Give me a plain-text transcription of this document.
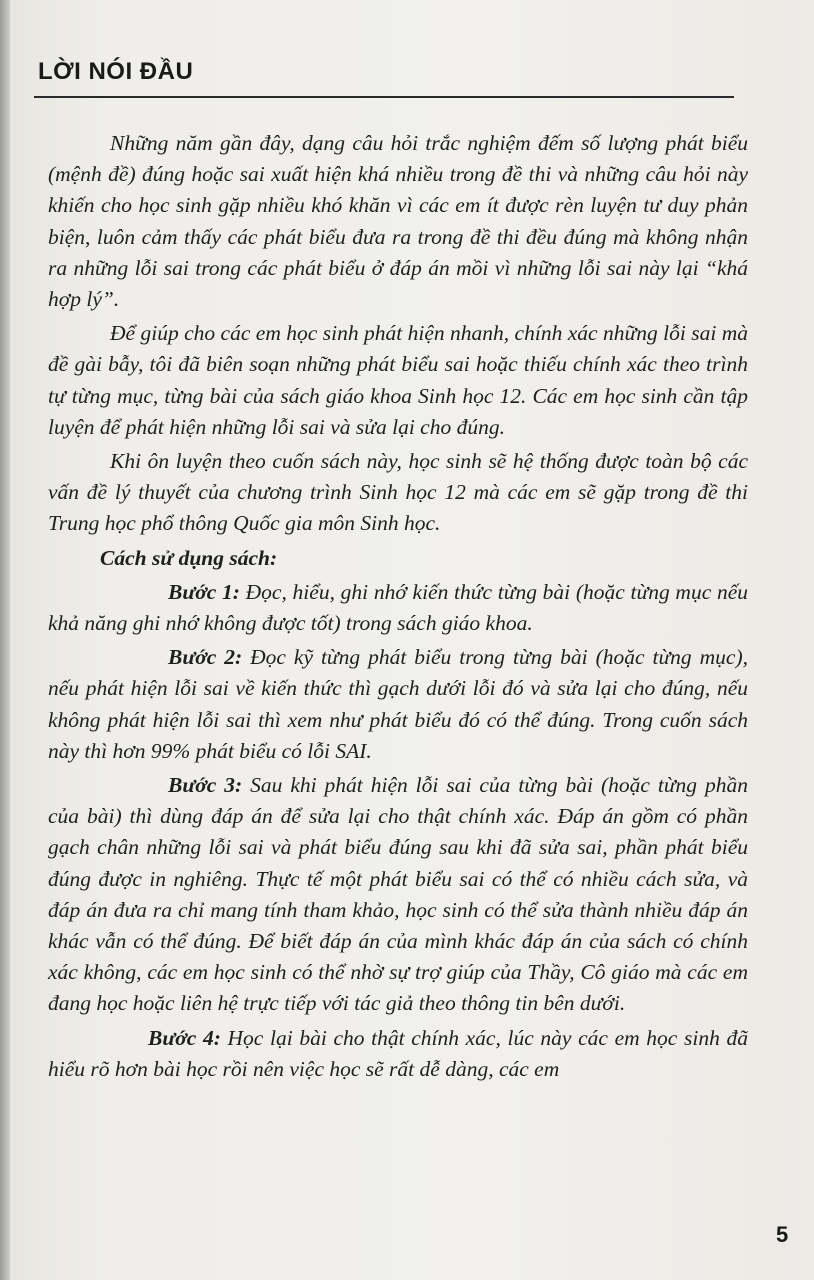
LỜI NÓI ĐẦU

Những năm gần đây, dạng câu hỏi trắc nghiệm đếm số lượng phát biểu (mệnh đề) đúng hoặc sai xuất hiện khá nhiều trong đề thi và những câu hỏi này khiến cho học sinh gặp nhiều khó khăn vì các em ít được rèn luyện tư duy phản biện, luôn cảm thấy các phát biểu đưa ra trong đề thi đều đúng mà không nhận ra những lỗi sai trong các phát biểu ở đáp án mồi vì những lỗi sai này lại “khá hợp lý”.

Để giúp cho các em học sinh phát hiện nhanh, chính xác những lỗi sai mà đề gài bẫy, tôi đã biên soạn những phát biểu sai hoặc thiếu chính xác theo trình tự từng mục, từng bài của sách giáo khoa Sinh học 12. Các em học sinh cần tập luyện để phát hiện những lỗi sai và sửa lại cho đúng.

Khi ôn luyện theo cuốn sách này, học sinh sẽ hệ thống được toàn bộ các vấn đề lý thuyết của chương trình Sinh học 12 mà các em sẽ gặp trong đề thi Trung học phổ thông Quốc gia môn Sinh học.

Cách sử dụng sách:

Bước 1: Đọc, hiểu, ghi nhớ kiến thức từng bài (hoặc từng mục nếu khả năng ghi nhớ không được tốt) trong sách giáo khoa.

Bước 2: Đọc kỹ từng phát biểu trong từng bài (hoặc từng mục), nếu phát hiện lỗi sai về kiến thức thì gạch dưới lỗi đó và sửa lại cho đúng, nếu không phát hiện lỗi sai thì xem như phát biểu đó có thể đúng. Trong cuốn sách này thì hơn 99% phát biểu có lỗi SAI.

Bước 3: Sau khi phát hiện lỗi sai của từng bài (hoặc từng phần của bài) thì dùng đáp án để sửa lại cho thật chính xác. Đáp án gồm có phần gạch chân những lỗi sai và phát biểu đúng sau khi đã sửa sai, phần phát biểu đúng được in nghiêng. Thực tế một phát biểu sai có thể có nhiều cách sửa, và đáp án đưa ra chỉ mang tính tham khảo, học sinh có thể sửa thành nhiều đáp án khác vẫn có thể đúng. Để biết đáp án của mình khác đáp án của sách có chính xác không, các em học sinh có thể nhờ sự trợ giúp của Thầy, Cô giáo mà các em đang học hoặc liên hệ trực tiếp với tác giả theo thông tin bên dưới.

Bước 4: Học lại bài cho thật chính xác, lúc này các em học sinh đã hiểu rõ hơn bài học rồi nên việc học sẽ rất dễ dàng, các em

5
